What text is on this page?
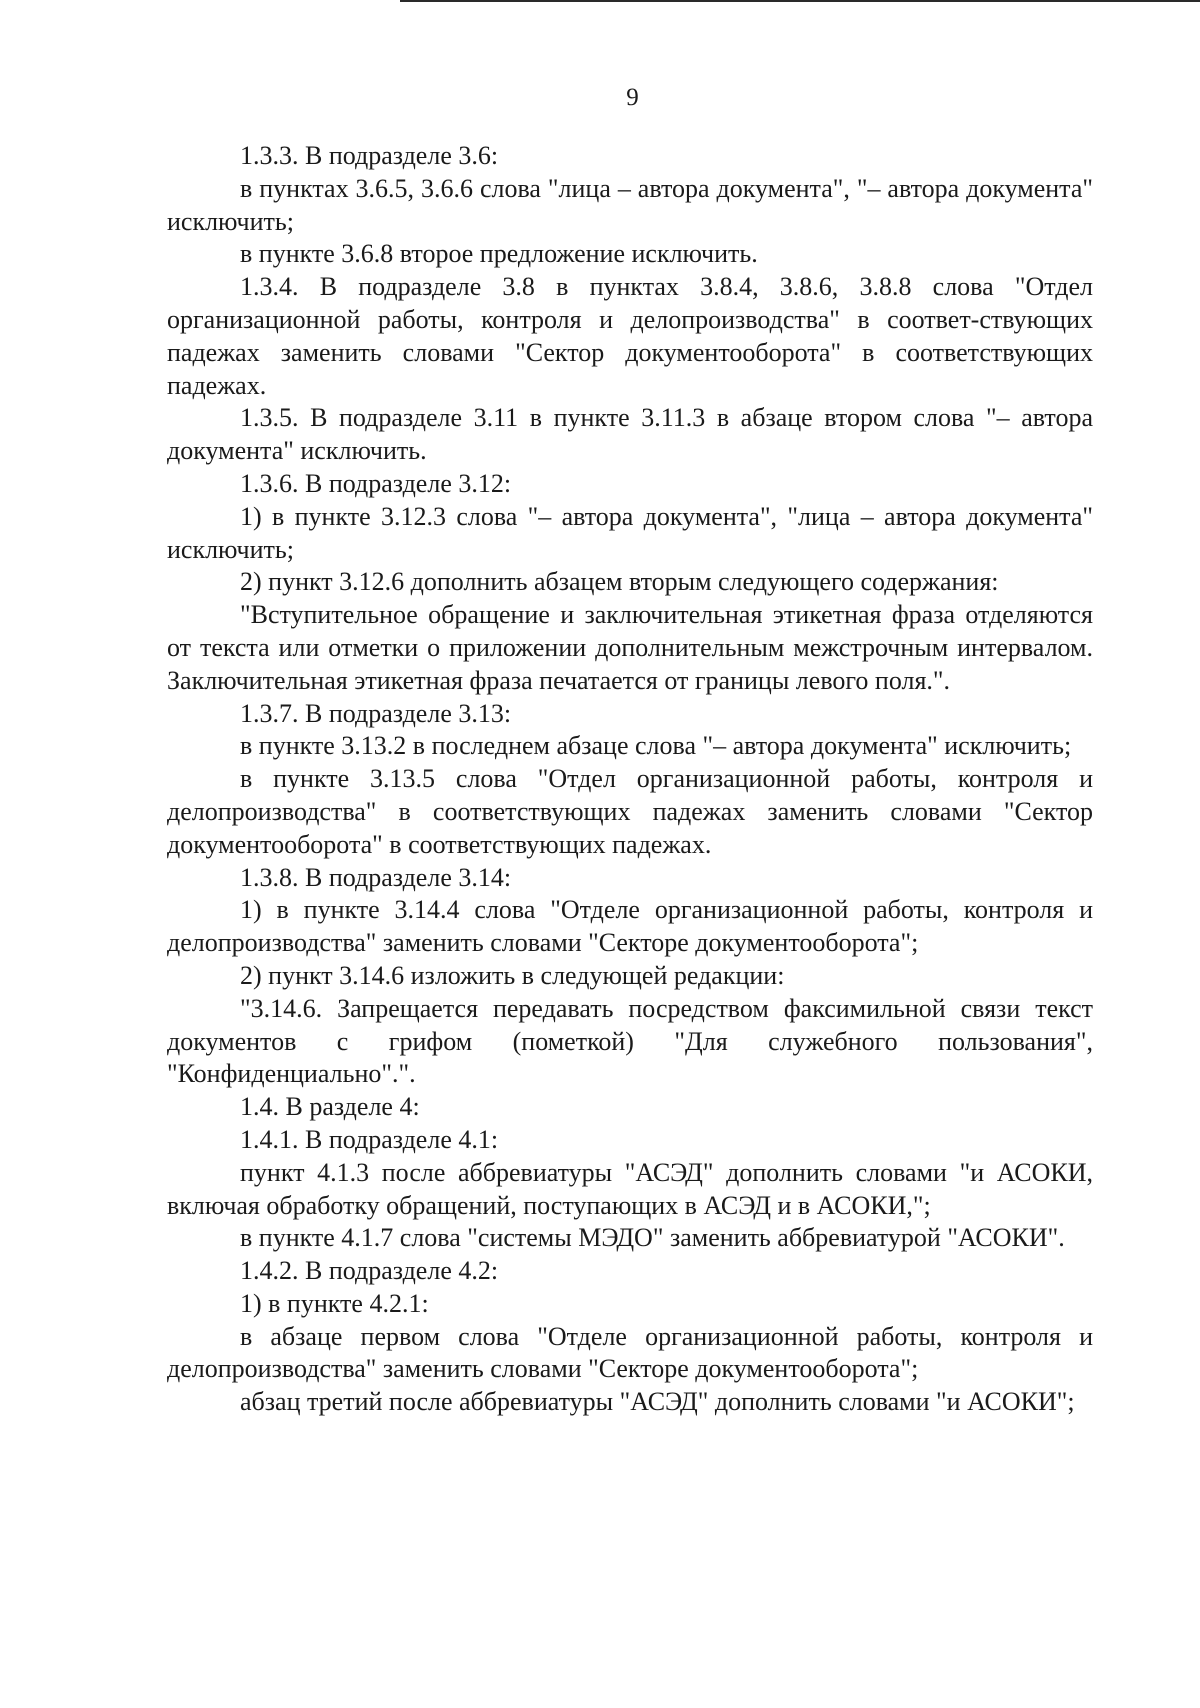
9

1.3.3. В подразделе 3.6:

в пунктах 3.6.5, 3.6.6 слова "лица – автора документа", "– автора документа" исключить;

в пункте 3.6.8 второе предложение исключить.

1.3.4. В подразделе 3.8 в пунктах 3.8.4, 3.8.6, 3.8.8 слова "Отдел организационной работы, контроля и делопроизводства" в соответ-ствующих падежах заменить словами "Сектор документооборота" в соответствующих падежах.

1.3.5. В подразделе 3.11 в пункте 3.11.3 в абзаце втором слова "– автора документа" исключить.

1.3.6. В подразделе 3.12:

1) в пункте 3.12.3 слова "– автора документа", "лица – автора документа" исключить;

2) пункт 3.12.6 дополнить абзацем вторым следующего содержания:

"Вступительное обращение и заключительная этикетная фраза отделяются от текста или отметки о приложении дополнительным межстрочным интервалом. Заключительная этикетная фраза печатается от границы левого поля.".

1.3.7. В подразделе 3.13:

в пункте 3.13.2 в последнем абзаце слова "– автора документа" исключить;

в пункте 3.13.5 слова "Отдел организационной работы, контроля и делопроизводства" в соответствующих падежах заменить словами "Сектор документооборота" в соответствующих падежах.

1.3.8. В подразделе 3.14:

1) в пункте 3.14.4 слова "Отделе организационной работы, контроля и делопроизводства" заменить словами "Секторе документооборота";

2) пункт 3.14.6 изложить в следующей редакции:

"3.14.6. Запрещается передавать посредством факсимильной связи текст документов с грифом (пометкой) "Для служебного пользования", "Конфиденциально".".

1.4. В разделе 4:

1.4.1. В подразделе 4.1:

пункт 4.1.3 после аббревиатуры "АСЭД" дополнить словами "и АСОКИ, включая обработку обращений, поступающих в АСЭД и в АСОКИ,";

в пункте 4.1.7 слова "системы МЭДО" заменить аббревиатурой "АСОКИ".

1.4.2. В подразделе 4.2:

1) в пункте 4.2.1:

в абзаце первом слова "Отделе организационной работы, контроля и делопроизводства" заменить словами "Секторе документооборота";

абзац третий после аббревиатуры "АСЭД" дополнить словами "и АСОКИ";
